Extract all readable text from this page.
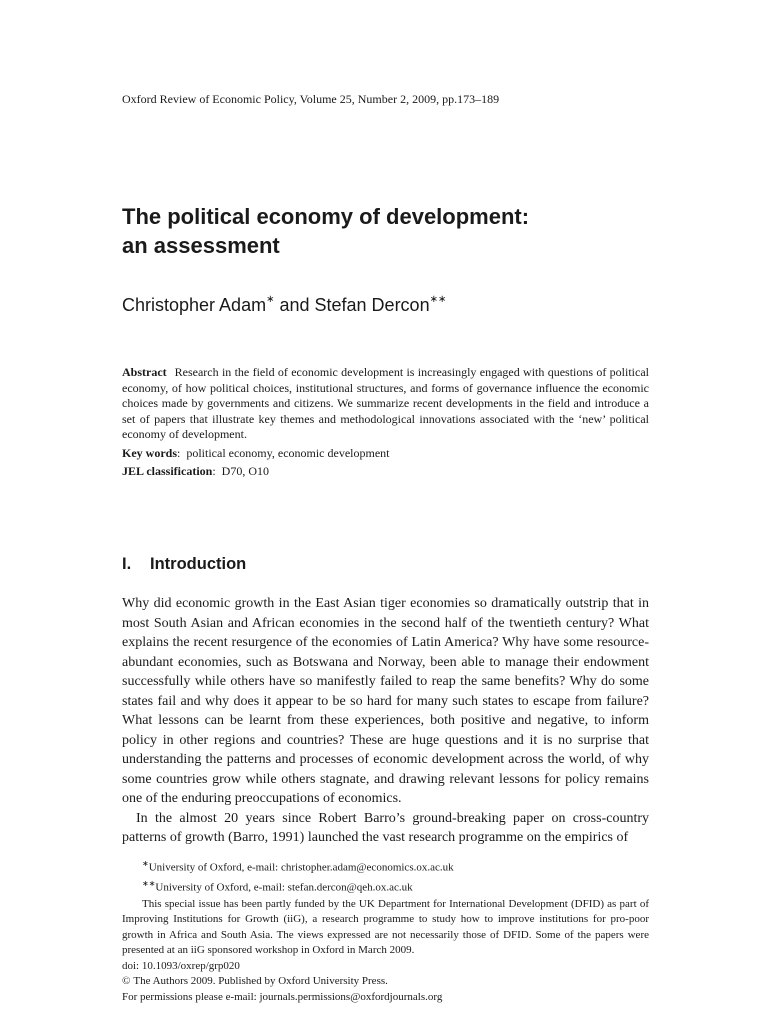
Oxford Review of Economic Policy, Volume 25, Number 2, 2009, pp.173–189
The political economy of development:
an assessment
Christopher Adam∗ and Stefan Dercon∗∗

Abstract Research in the field of economic development is increasingly engaged with questions of political economy, of how political choices, institutional structures, and forms of governance influence the economic choices made by governments and citizens. We summarize recent developments in the field and introduce a set of papers that illustrate key themes and methodological innovations associated with the ‘new’ political economy of development.

Key words:  political economy, economic development
JEL classification:  D70, O10
I. Introduction

Why did economic growth in the East Asian tiger economies so dramatically outstrip that in most South Asian and African economies in the second half of the twentieth century? What explains the recent resurgence of the economies of Latin America? Why have some resource-abundant economies, such as Botswana and Norway, been able to manage their endowment successfully while others have so manifestly failed to reap the same benefits? Why do some states fail and why does it appear to be so hard for many such states to escape from failure? What lessons can be learnt from these experiences, both positive and negative, to inform policy in other regions and countries? These are huge questions and it is no surprise that understanding the patterns and processes of economic development across the world, of why some countries grow while others stagnate, and drawing relevant lessons for policy remains one of the enduring preoccupations of economics.

In the almost 20 years since Robert Barro’s ground-breaking paper on cross-country patterns of growth (Barro, 1991) launched the vast research programme on the empirics of

∗University of Oxford, e-mail: christopher.adam@economics.ox.ac.uk
∗∗University of Oxford, e-mail: stefan.dercon@qeh.ox.ac.uk
This special issue has been partly funded by the UK Department for International Development (DFID) as part of Improving Institutions for Growth (iiG), a research programme to study how to improve institutions for pro-poor growth in Africa and South Asia. The views expressed are not necessarily those of DFID. Some of the papers were presented at an iiG sponsored workshop in Oxford in March 2009.
doi: 10.1093/oxrep/grp020
© The Authors 2009. Published by Oxford University Press.
For permissions please e-mail: journals.permissions@oxfordjournals.org
